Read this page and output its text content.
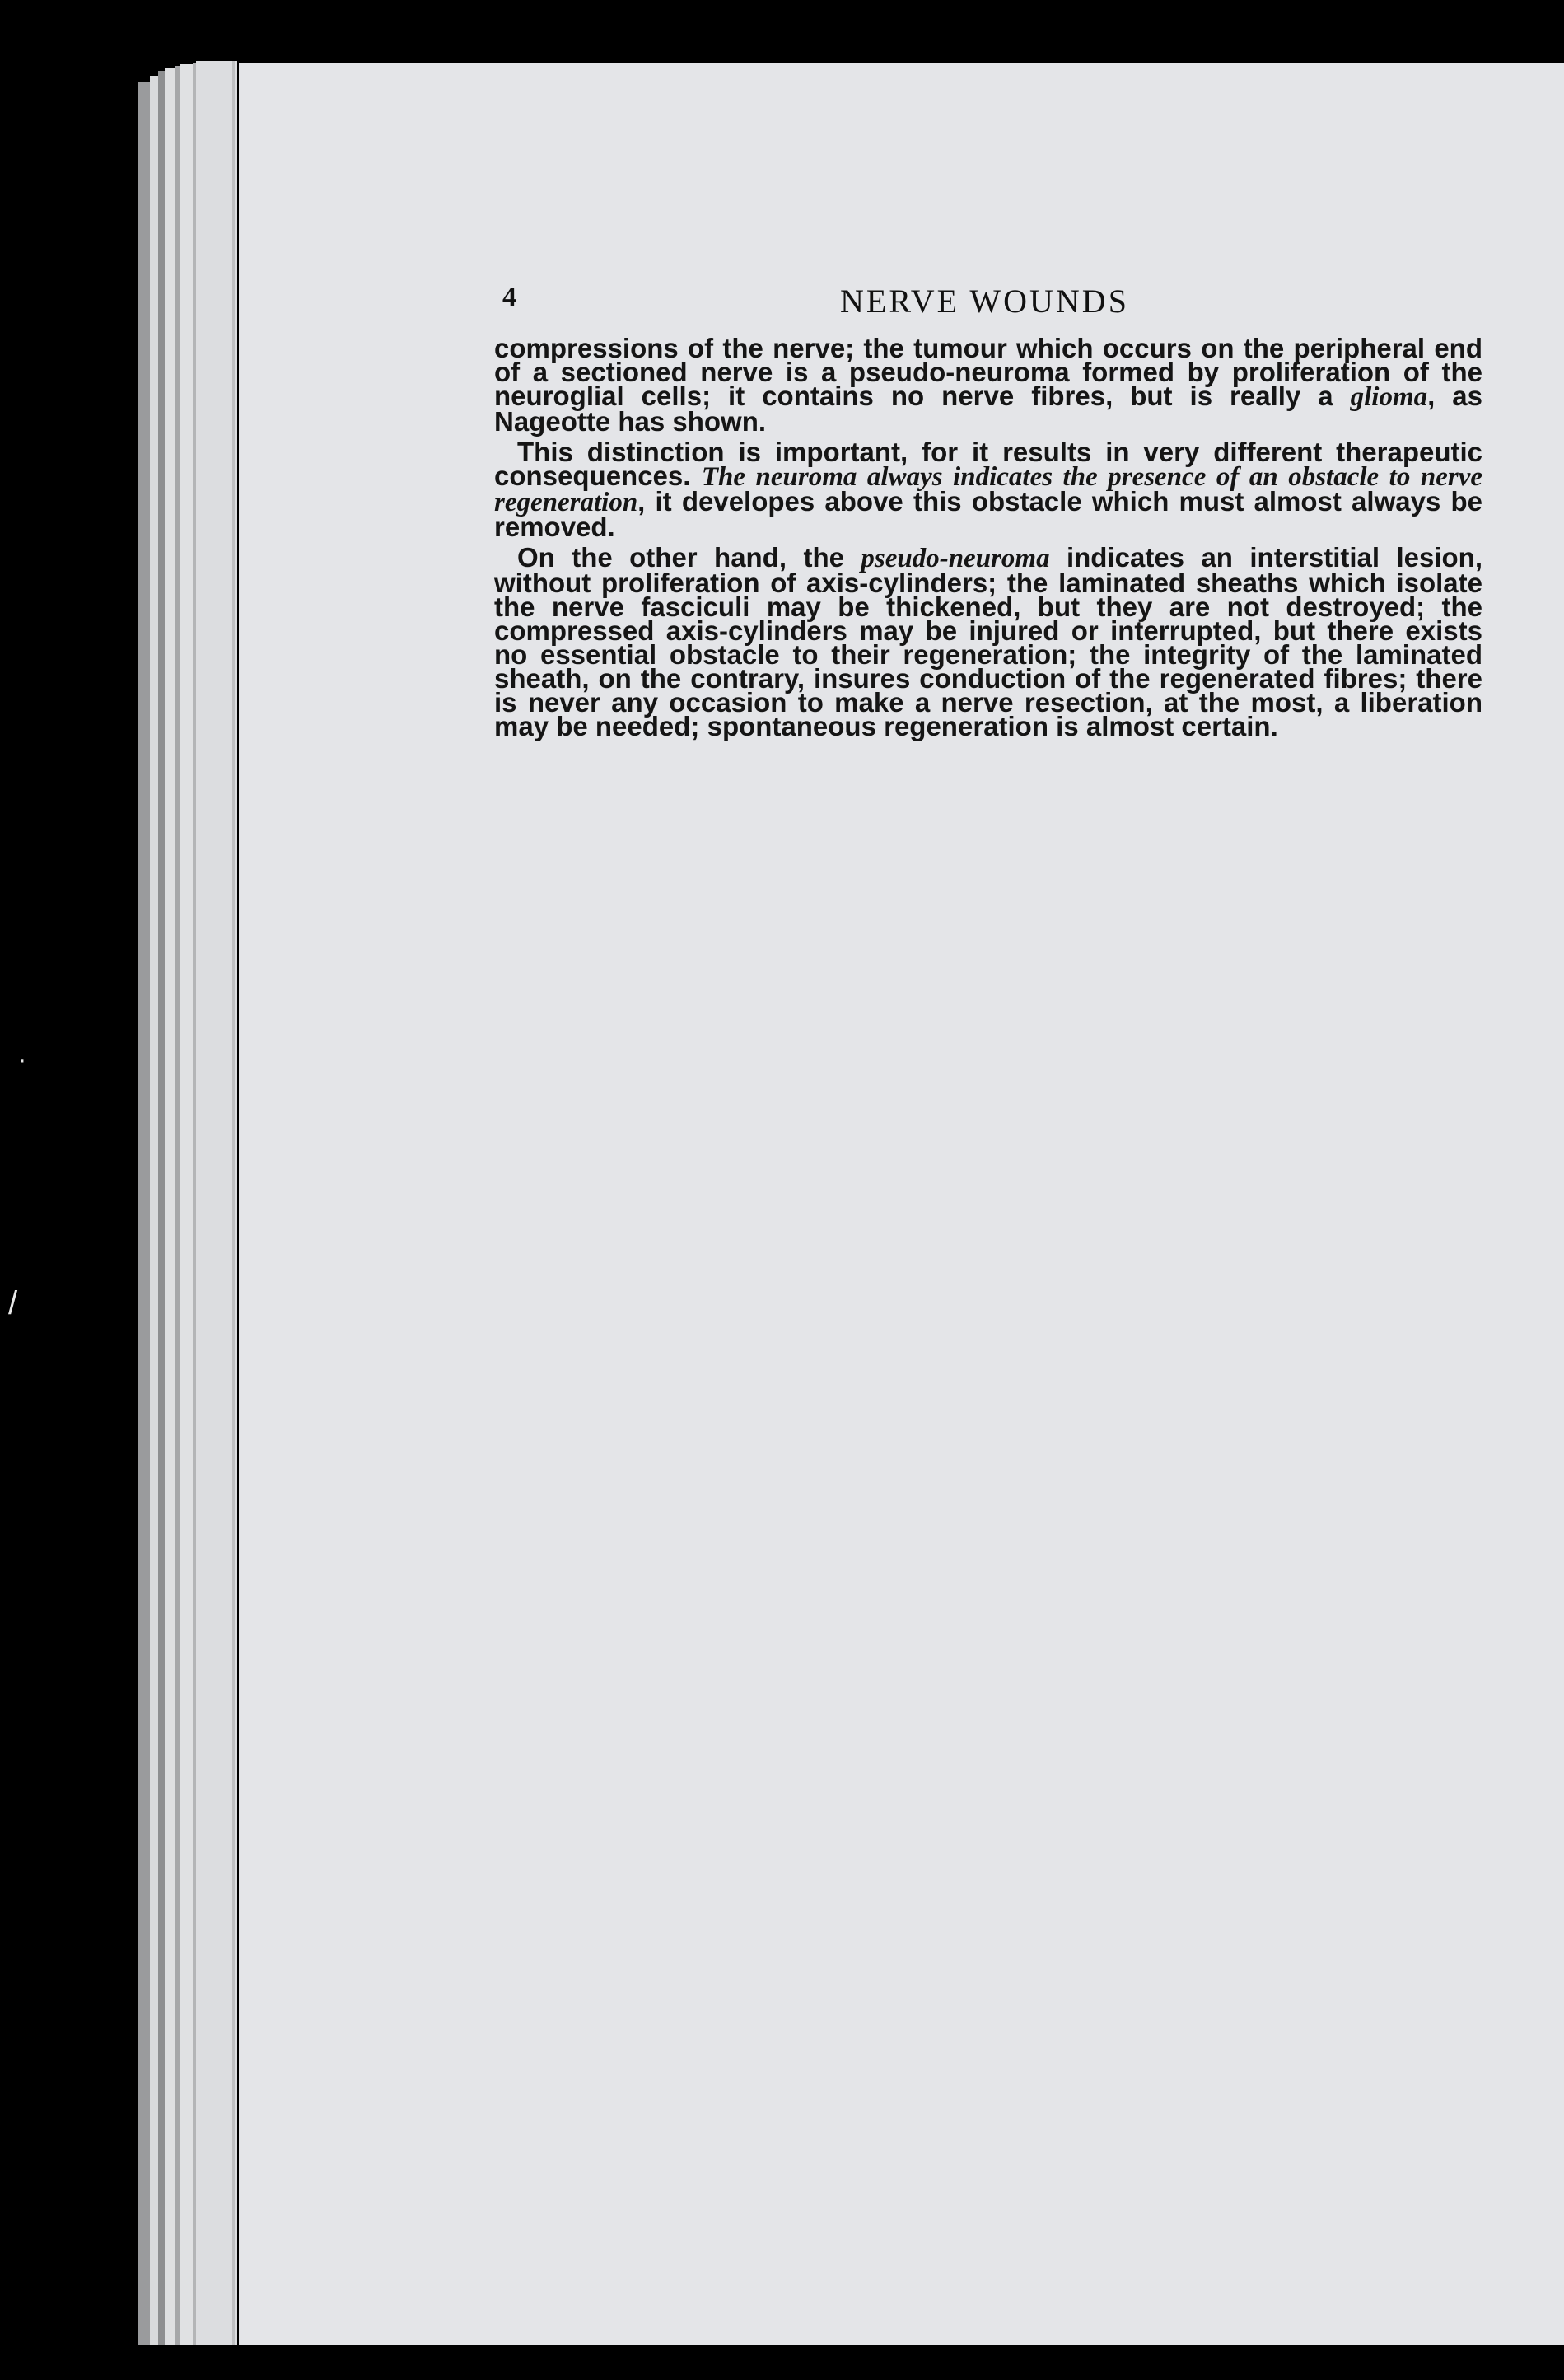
/
·
4	NERVE WOUNDS

compressions of the nerve; the tumour which occurs on the peripheral end of a sectioned nerve is a pseudo-neuroma formed by proliferation of the neuroglial cells; it contains no nerve fibres, but is really a glioma, as Nageotte has shown.

This distinction is important, for it results in very different therapeutic consequences. The neuroma always indicates the presence of an obstacle to nerve regeneration, it developes above this obstacle which must almost always be removed.

On the other hand, the pseudo-neuroma indicates an interstitial lesion, without proliferation of axis-cylinders; the laminated sheaths which isolate the nerve fasciculi may be thickened, but they are not destroyed; the compressed axis-cylinders may be injured or interrupted, but there exists no essential obstacle to their regeneration; the integrity of the laminated sheath, on the contrary, insures conduction of the regenerated fibres; there is never any occasion to make a nerve resection, at the most, a liberation may be needed; spontaneous regeneration is almost certain.
